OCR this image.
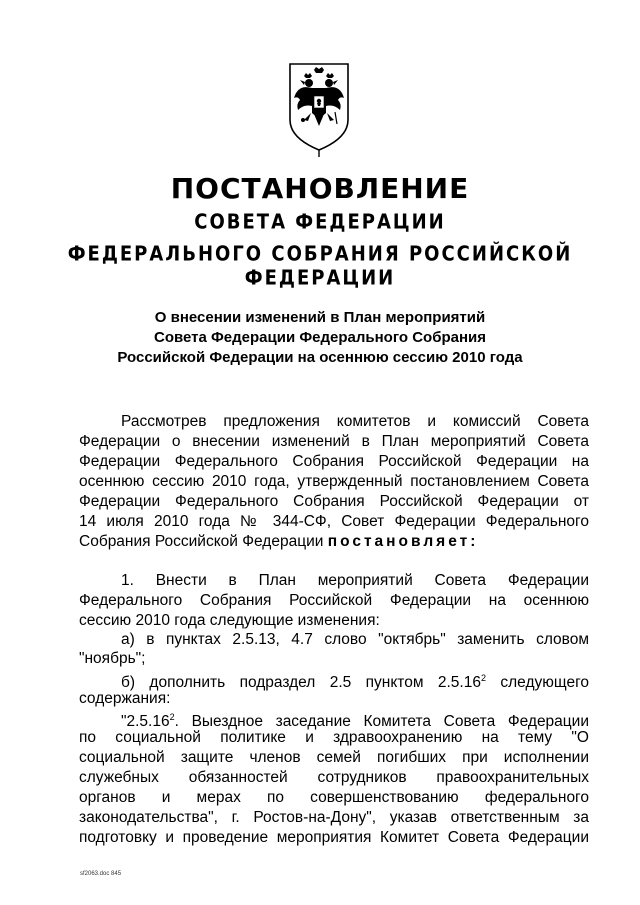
ПОСТАНОВЛЕНИЕ
СОВЕТА ФЕДЕРАЦИИ
ФЕДЕРАЛЬНОГО СОБРАНИЯ РОССИЙСКОЙ ФЕДЕРАЦИИ
О внесении изменений в План мероприятий
Совета Федерации Федерального Собрания
Российской Федерации на осеннюю сессию 2010 года
Рассмотрев предложения комитетов и комиссий Совета
Федерации о внесении изменений в План мероприятий Совета
Федерации Федерального Собрания Российской Федерации на
осеннюю сессию 2010 года, утвержденный постановлением Совета
Федерации Федерального Собрания Российской Федерации от
14 июля 2010 года № 344-СФ, Совет Федерации Федерального
Собрания Российской Федерации постановляет:
1. Внести в План мероприятий Совета Федерации
Федерального Собрания Российской Федерации на осеннюю
сессию 2010 года следующие изменения:
а) в пунктах 2.5.13, 4.7 слово "октябрь" заменить словом
"ноябрь";
б) дополнить подраздел 2.5 пунктом 2.5.16$^2$ следующего
содержания:
"2.5.16$^2$. Выездное заседание Комитета Совета Федерации
по социальной политике и здравоохранению на тему "О
социальной защите членов семей погибших при исполнении
служебных обязанностей сотрудников правоохранительных
органов и мерах по совершенствованию федерального
законодательства", г. Ростов-на-Дону", указав ответственным за
подготовку и проведение мероприятия Комитет Совета Федерации
sf2063.doc 845
